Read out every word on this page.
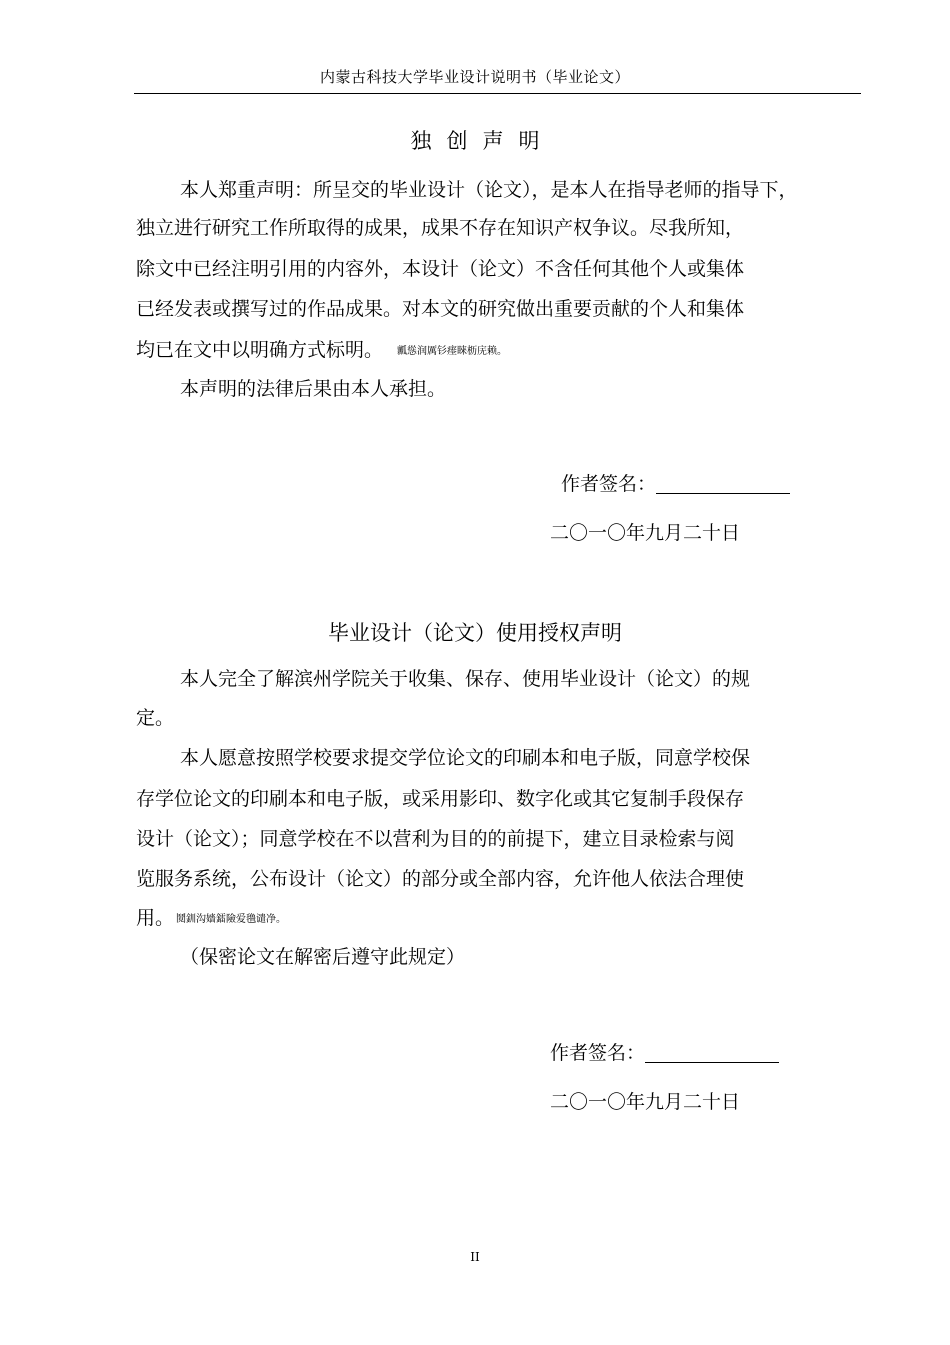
内蒙古科技大学毕业设计说明书（毕业论文）
独创声明
本人郑重声明：所呈交的毕业设计（论文），是本人在指导老师的指导下，
独立进行研究工作所取得的成果，成果不存在知识产权争议。尽我所知，
除文中已经注明引用的内容外，本设计（论文）不含任何其他个人或集体
已经发表或撰写过的作品成果。对本文的研究做出重要贡献的个人和集体
均已在文中以明确方式标明。 瓤慫润厲钐瘗睞枥庑赖。
本声明的法律后果由本人承担。
作者签名：
二〇一〇年九月二十日
毕业设计（论文）使用授权声明
本人完全了解滨州学院关于收集、保存、使用毕业设计（论文）的规
定。
本人愿意按照学校要求提交学位论文的印刷本和电子版，同意学校保
存学位论文的印刷本和电子版，或采用影印、数字化或其它复制手段保存
设计（论文）；同意学校在不以营利为目的的前提下，建立目录检索与阅
览服务系统，公布设计（论文）的部分或全部内容，允许他人依法合理使
用。 鬩釧沟嬙鐳險爱氇谴净。
（保密论文在解密后遵守此规定）
作者签名：
二〇一〇年九月二十日
II
